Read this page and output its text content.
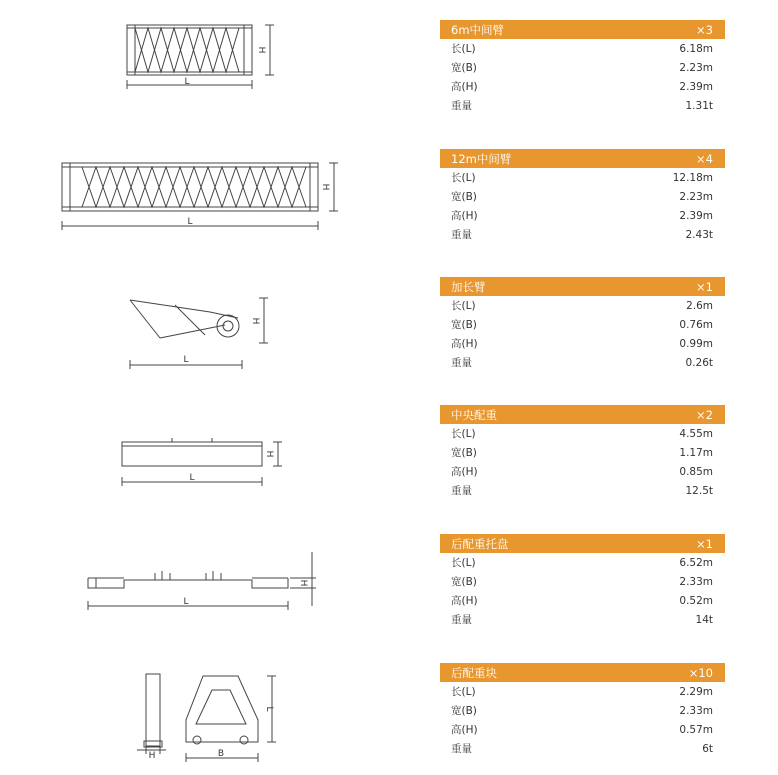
L
H
L
H
L
H
L
H
L
H
H	B
L
6m中间臂	×3
长(L)	6.18m
宽(B)	2.23m
高(H)	2.39m
重量	1.31t
12m中间臂	×4
长(L)	12.18m
宽(B)	2.23m
高(H)	2.39m
重量	2.43t
加长臂	×1
长(L)	2.6m
宽(B)	0.76m
高(H)	0.99m
重量	0.26t
中央配重	×2
长(L)	4.55m
宽(B)	1.17m
高(H)	0.85m
重量	12.5t
后配重托盘	×1
长(L)	6.52m
宽(B)	2.33m
高(H)	0.52m
重量	14t
后配重块	×10
长(L)	2.29m
宽(B)	2.33m
高(H)	0.57m
重量	6t
